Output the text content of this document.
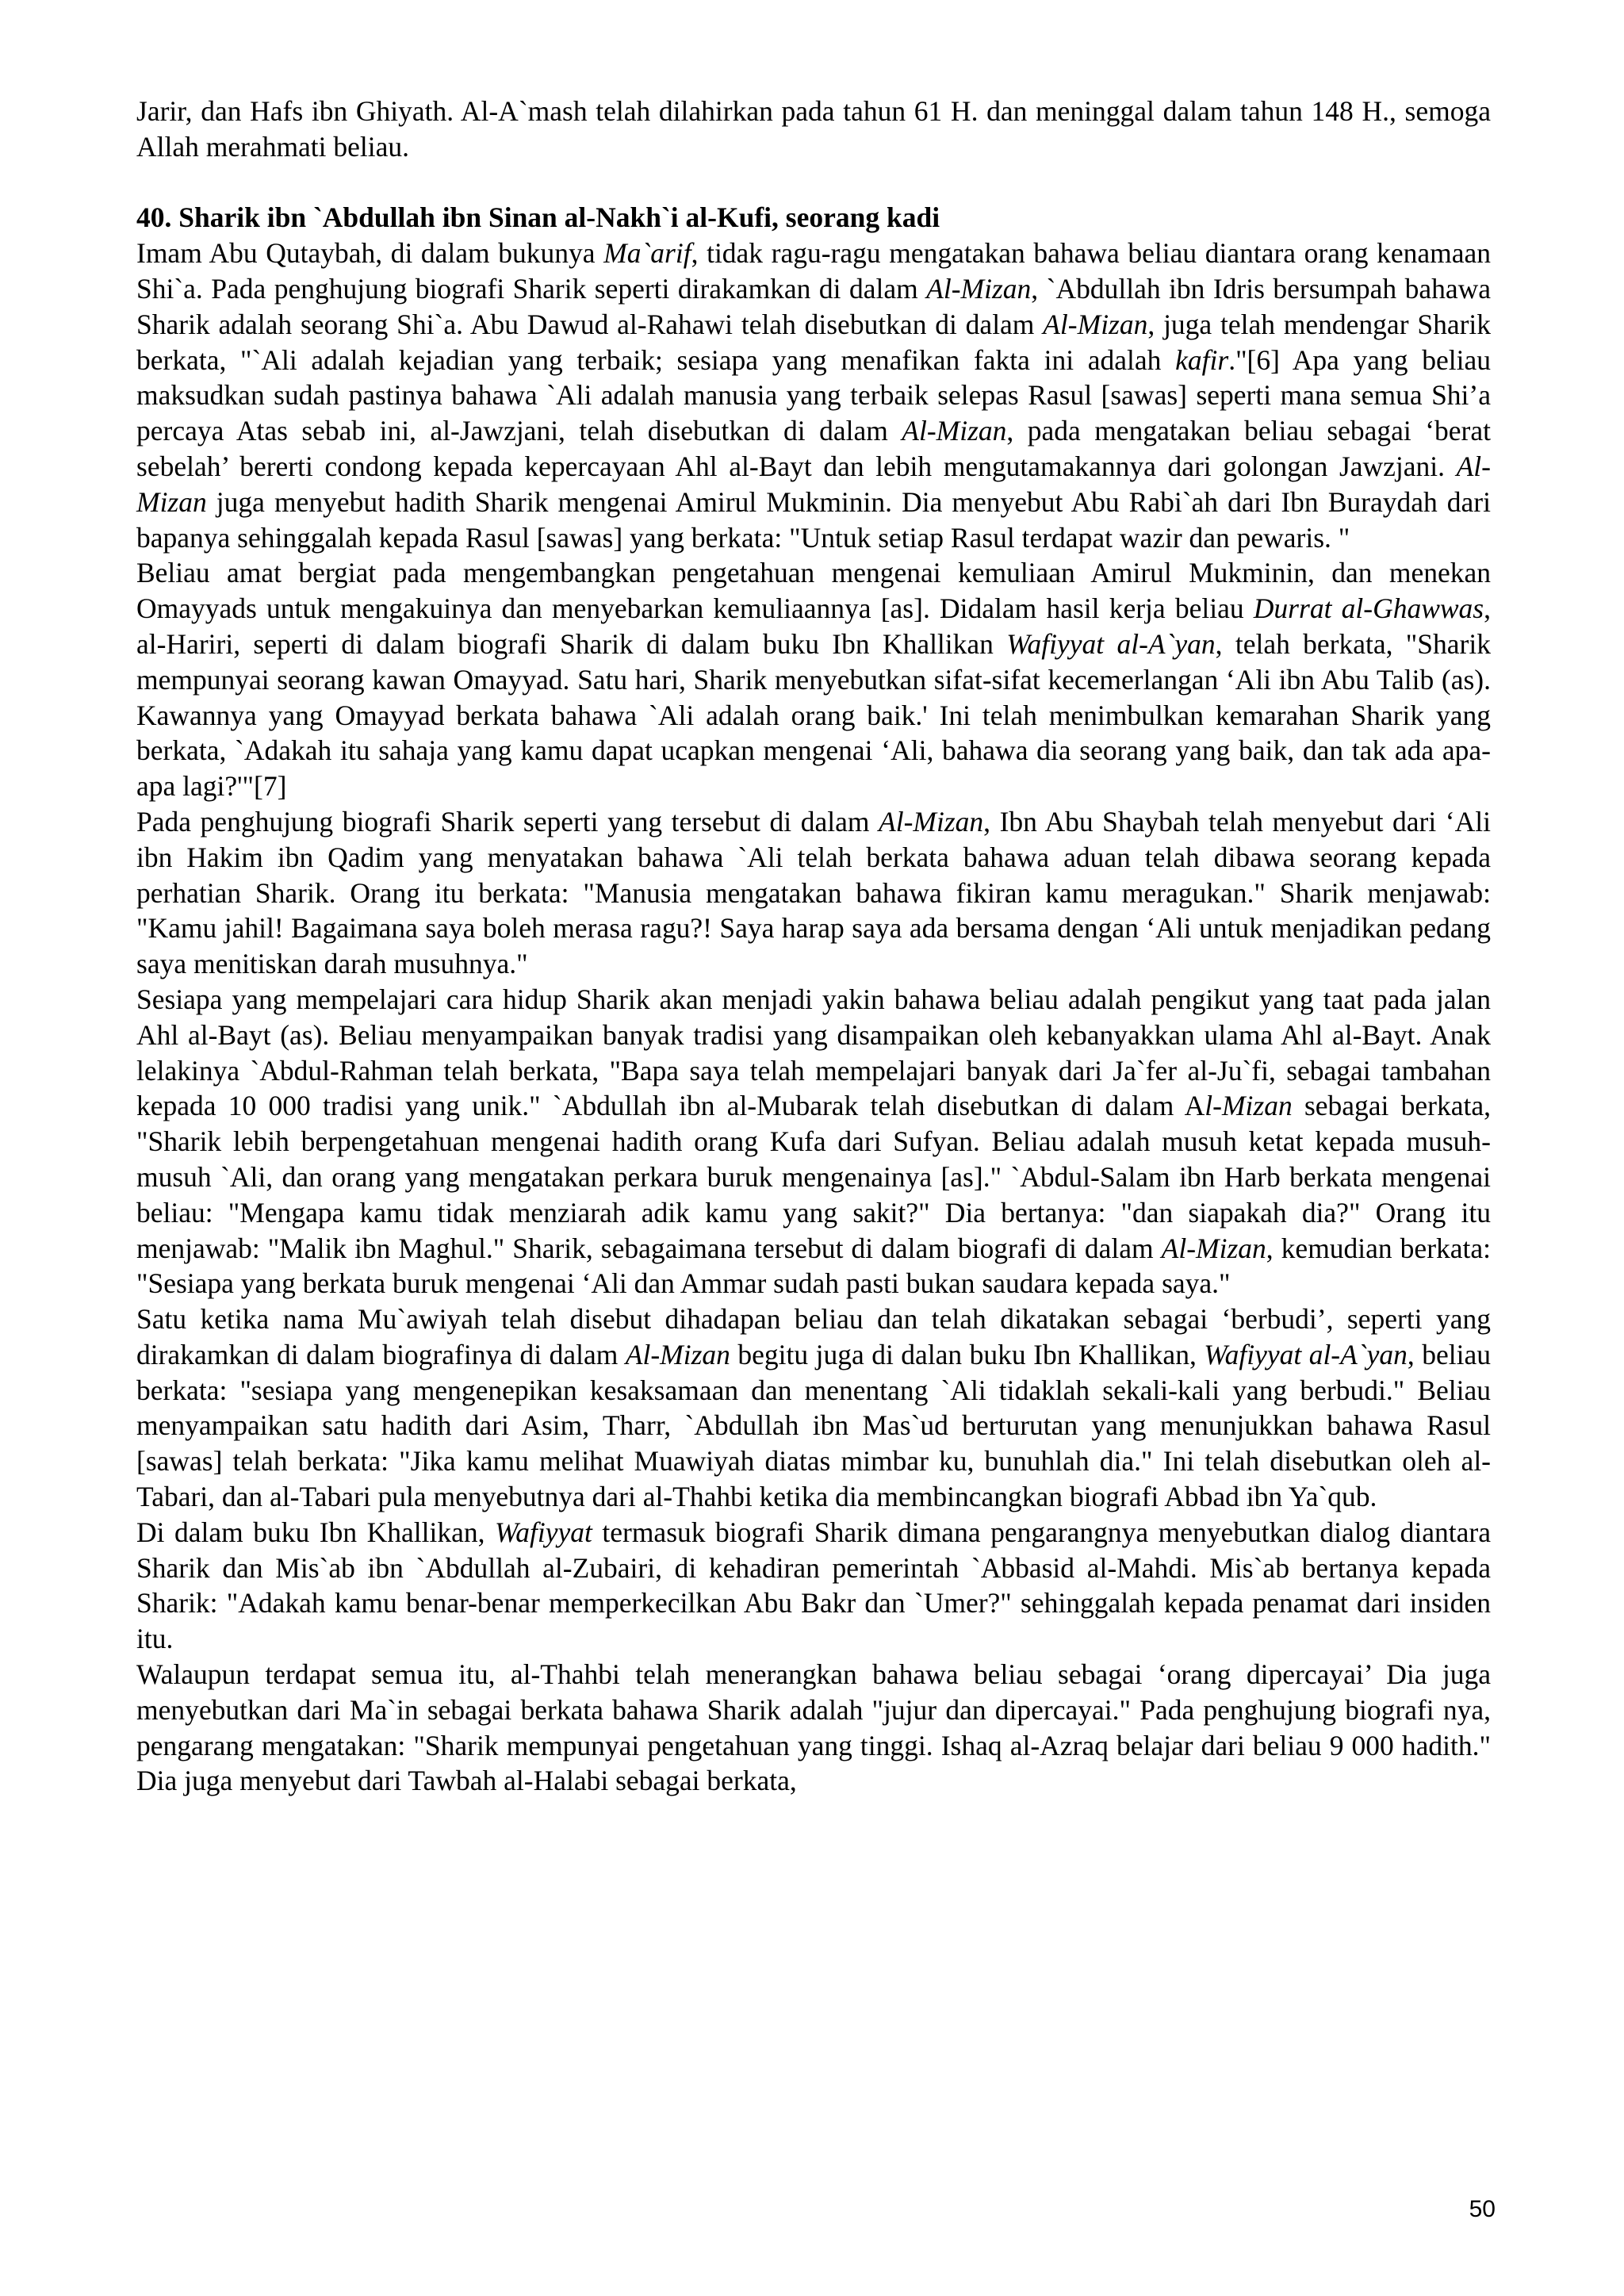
Jarir, dan Hafs ibn Ghiyath. Al-A`mash telah dilahirkan pada tahun 61 H. dan meninggal dalam tahun 148 H., semoga Allah merahmati beliau.

40. Sharik ibn `Abdullah ibn Sinan al-Nakh`i al-Kufi, seorang kadi

Imam Abu Qutaybah, di dalam bukunya Ma`arif, tidak ragu-ragu mengatakan bahawa beliau diantara orang kenamaan Shi`a. Pada penghujung biografi Sharik seperti dirakamkan di dalam Al-Mizan, `Abdullah ibn Idris bersumpah bahawa Sharik adalah seorang Shi`a. Abu Dawud al-Rahawi telah disebutkan di dalam Al-Mizan, juga telah mendengar Sharik berkata, "`Ali adalah kejadian yang terbaik; sesiapa yang menafikan fakta ini adalah kafir."[6] Apa yang beliau maksudkan sudah pastinya bahawa `Ali adalah manusia yang terbaik selepas Rasul [sawas] seperti mana semua Shi’a percaya Atas sebab ini, al-Jawzjani, telah disebutkan di dalam Al-Mizan, pada mengatakan beliau sebagai ‘berat sebelah’ bererti condong kepada kepercayaan Ahl al-Bayt dan lebih mengutamakannya dari golongan Jawzjani. Al-Mizan juga menyebut hadith Sharik mengenai Amirul Mukminin. Dia menyebut Abu Rabi`ah dari Ibn Buraydah dari bapanya sehinggalah kepada Rasul [sawas] yang berkata: "Untuk setiap Rasul terdapat wazir dan pewaris. "

Beliau amat bergiat pada mengembangkan pengetahuan mengenai kemuliaan Amirul Mukminin, dan menekan Omayyads untuk mengakuinya dan menyebarkan kemuliaannya [as]. Didalam hasil kerja beliau Durrat al-Ghawwas, al-Hariri, seperti di dalam biografi Sharik di dalam buku Ibn Khallikan Wafiyyat al-A`yan, telah berkata, "Sharik mempunyai seorang kawan Omayyad. Satu hari, Sharik menyebutkan sifat-sifat kecemerlangan ‘Ali ibn Abu Talib (as). Kawannya yang Omayyad berkata bahawa `Ali adalah orang baik.' Ini telah menimbulkan kemarahan Sharik yang berkata, `Adakah itu sahaja yang kamu dapat ucapkan mengenai ‘Ali, bahawa dia seorang yang baik, dan tak ada apa-apa lagi?'"[7]

Pada penghujung biografi Sharik seperti yang tersebut di dalam Al-Mizan, Ibn Abu Shaybah telah menyebut dari ‘Ali ibn Hakim ibn Qadim yang menyatakan bahawa `Ali telah berkata bahawa aduan telah dibawa seorang kepada perhatian Sharik. Orang itu berkata: "Manusia mengatakan bahawa fikiran kamu meragukan." Sharik menjawab: "Kamu jahil! Bagaimana saya boleh merasa ragu?! Saya harap saya ada bersama dengan ‘Ali untuk menjadikan pedang saya menitiskan darah musuhnya."

Sesiapa yang mempelajari cara hidup Sharik akan menjadi yakin bahawa beliau adalah pengikut yang taat pada jalan Ahl al-Bayt (as). Beliau menyampaikan banyak tradisi yang disampaikan oleh kebanyakkan ulama Ahl al-Bayt. Anak lelakinya `Abdul-Rahman telah berkata, "Bapa saya telah mempelajari banyak dari Ja`fer al-Ju`fi, sebagai tambahan kepada 10 000 tradisi yang unik." `Abdullah ibn al-Mubarak telah disebutkan di dalam Al-Mizan sebagai berkata, "Sharik lebih berpengetahuan mengenai hadith orang Kufa dari Sufyan. Beliau adalah musuh ketat kepada musuh-musuh `Ali, dan orang yang mengatakan perkara buruk mengenainya [as]." `Abdul-Salam ibn Harb berkata mengenai beliau: "Mengapa kamu tidak menziarah adik kamu yang sakit?" Dia bertanya: "dan siapakah dia?" Orang itu menjawab: "Malik ibn Maghul." Sharik, sebagaimana tersebut di dalam biografi di dalam Al-Mizan, kemudian berkata: "Sesiapa yang berkata buruk mengenai ‘Ali dan Ammar sudah pasti bukan saudara kepada saya."

Satu ketika nama Mu`awiyah telah disebut dihadapan beliau dan telah dikatakan sebagai ‘berbudi’, seperti yang dirakamkan di dalam biografinya di dalam Al-Mizan begitu juga di dalan buku Ibn Khallikan, Wafiyyat al-A`yan, beliau berkata: "sesiapa yang mengenepikan kesaksamaan dan menentang `Ali tidaklah sekali-kali yang berbudi." Beliau menyampaikan satu hadith dari Asim, Tharr, `Abdullah ibn Mas`ud berturutan yang menunjukkan bahawa Rasul [sawas] telah berkata: "Jika kamu melihat Muawiyah diatas mimbar ku, bunuhlah dia." Ini telah disebutkan oleh al-Tabari, dan al-Tabari pula menyebutnya dari al-Thahbi ketika dia membincangkan biografi Abbad ibn Ya`qub.

Di dalam buku Ibn Khallikan, Wafiyyat termasuk biografi Sharik dimana pengarangnya menyebutkan dialog diantara Sharik dan Mis`ab ibn `Abdullah al-Zubairi, di kehadiran pemerintah `Abbasid al-Mahdi. Mis`ab bertanya kepada Sharik: "Adakah kamu benar-benar memperkecilkan Abu Bakr dan `Umer?" sehinggalah kepada penamat dari insiden itu.

Walaupun terdapat semua itu, al-Thahbi telah menerangkan bahawa beliau sebagai ‘orang dipercayai’ Dia juga menyebutkan dari Ma`in sebagai berkata bahawa Sharik adalah "jujur dan dipercayai." Pada penghujung biografi nya, pengarang mengatakan: "Sharik mempunyai pengetahuan yang tinggi. Ishaq al-Azraq belajar dari beliau 9 000 hadith." Dia juga menyebut dari Tawbah al-Halabi sebagai berkata,

50
